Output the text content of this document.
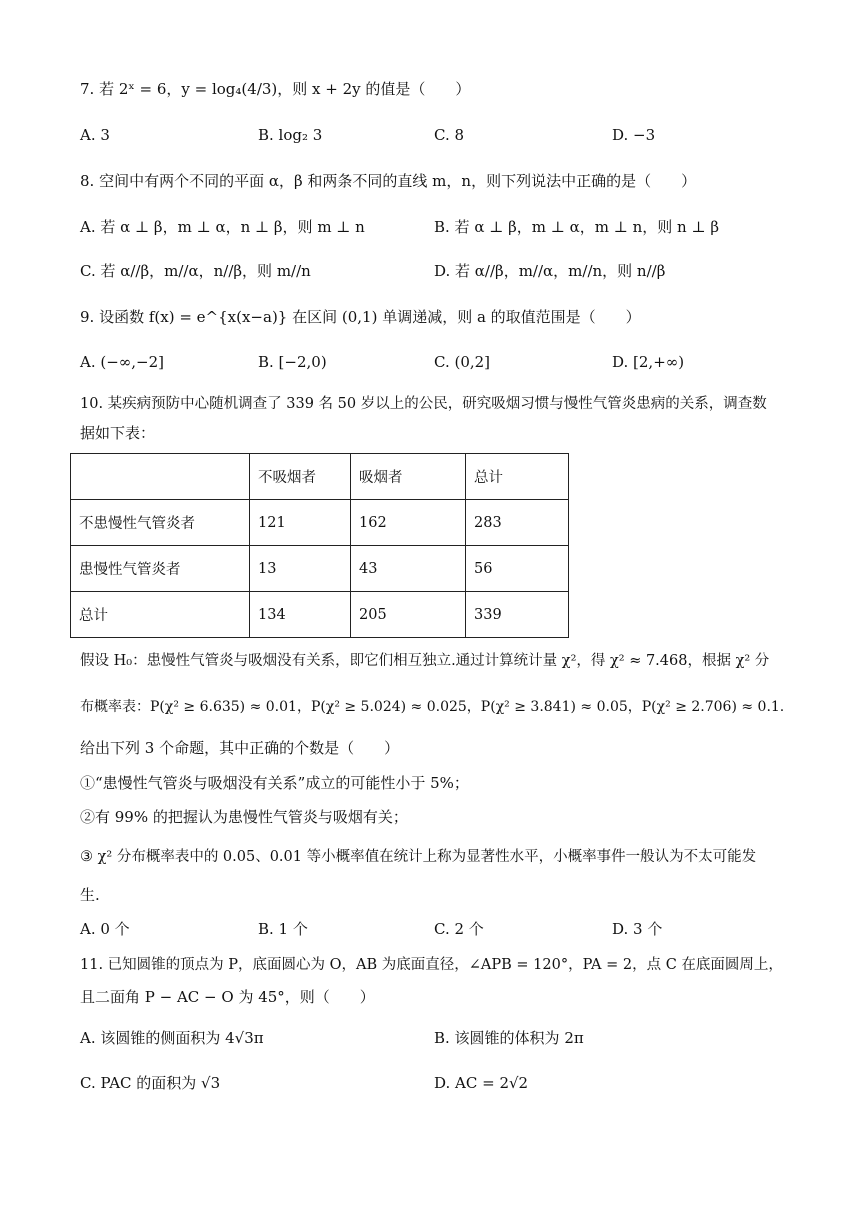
7. 若 2ˣ = 6，y = log₄(4/3)，则 x + 2y 的值是（　　）
A. 3	B. log₂ 3	C. 8	D. −3
8. 空间中有两个不同的平面 α，β 和两条不同的直线 m，n，则下列说法中正确的是（　　）
A. 若 α ⊥ β，m ⊥ α，n ⊥ β，则 m ⊥ n	B. 若 α ⊥ β，m ⊥ α，m ⊥ n，则 n ⊥ β
C. 若 α//β，m//α，n//β，则 m//n	D. 若 α//β，m//α，m//n，则 n//β
9. 设函数 f(x) = e^{x(x−a)} 在区间 (0,1) 单调递减，则 a 的取值范围是（　　）
A. (−∞,−2]	B. [−2,0)	C. (0,2]	D. [2,+∞)
10. 某疾病预防中心随机调查了 339 名 50 岁以上的公民，研究吸烟习惯与慢性气管炎患病的关系，调查数
据如下表：
	不吸烟者	吸烟者	总计
不患慢性气管炎者	121	162	283
患慢性气管炎者	13	43	56
总计	134	205	339
假设 H₀：患慢性气管炎与吸烟没有关系，即它们相互独立.通过计算统计量 χ²，得 χ² ≈ 7.468，根据 χ² 分
布概率表：P(χ² ≥ 6.635) ≈ 0.01，P(χ² ≥ 5.024) ≈ 0.025，P(χ² ≥ 3.841) ≈ 0.05，P(χ² ≥ 2.706) ≈ 0.1.
给出下列 3 个命题，其中正确的个数是（　　）
①“患慢性气管炎与吸烟没有关系”成立的可能性小于 5%；
②有 99% 的把握认为患慢性气管炎与吸烟有关；
③ χ² 分布概率表中的 0.05、0.01 等小概率值在统计上称为显著性水平，小概率事件一般认为不太可能发
生.
A. 0 个	B. 1 个	C. 2 个	D. 3 个
11. 已知圆锥的顶点为 P，底面圆心为 O，AB 为底面直径，∠APB = 120°，PA = 2，点 C 在底面圆周上，
且二面角 P − AC − O 为 45°，则（　　）
A. 该圆锥的侧面积为 4√3π	B. 该圆锥的体积为 2π
C. PAC 的面积为 √3	D. AC = 2√2
